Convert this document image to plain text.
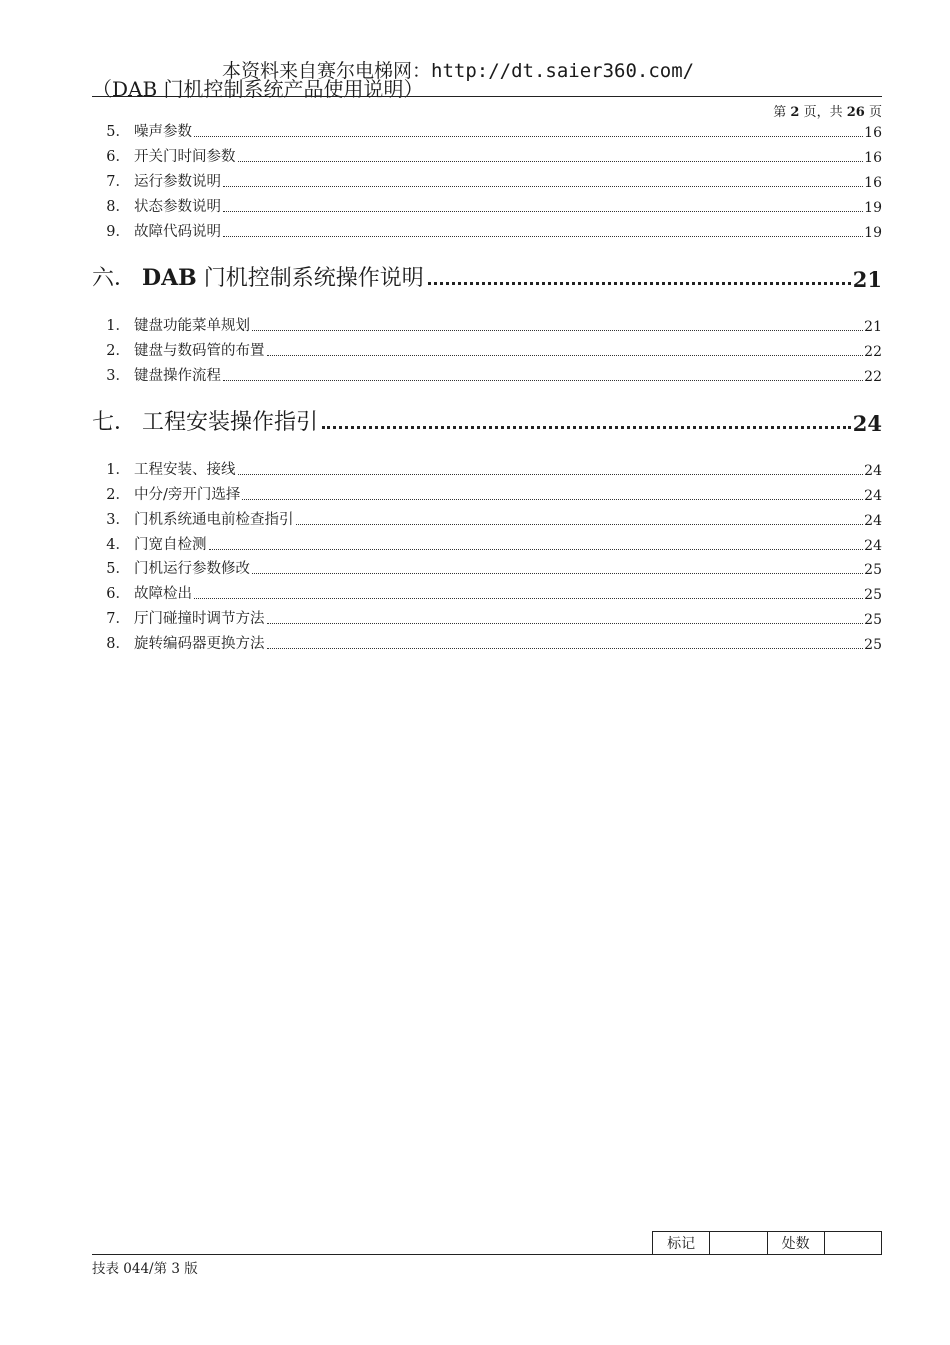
本资料来自赛尔电梯网：http://dt.saier360.com/
（DAB 门机控制系统产品使用说明）
第 2 页，共 26 页
5． 噪声参数	16
6． 开关门时间参数	16
7． 运行参数说明	16
8． 状态参数说明	19
9． 故障代码说明	19
六． DAB 门机控制系统操作说明	21
1． 键盘功能菜单规划	21
2． 键盘与数码管的布置	22
3． 键盘操作流程	22
七． 工程安装操作指引	24
1． 工程安装、接线	24
2． 中分/旁开门选择	24
3． 门机系统通电前检查指引	24
4． 门宽自检测	24
5． 门机运行参数修改	25
6． 故障检出	25
7． 厅门碰撞时调节方法	25
8． 旋转编码器更换方法	25
标记	处数
技表 044/第 3 版
